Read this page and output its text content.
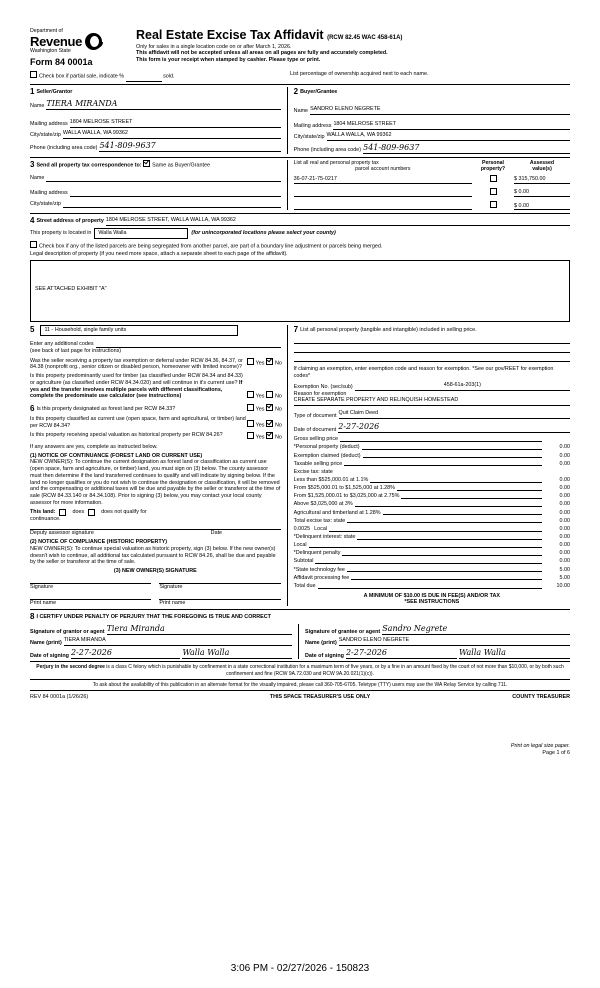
Department of
Revenue
Washington State
Form 84 0001a
Real Estate Excise Tax Affidavit (RCW 82.45 WAC 458-61A)
Only for sales in a single location code on or after March 1, 2026.
This affidavit will not be accepted unless all areas on all pages are fully and accurately completed.
This form is your receipt when stamped by cashier. Please type or print.
Check box if partial sale, indicate %	sold.	List percentage of ownership acquired next to each name.
1 Seller/Grantor
Name TIERA MIRANDA
Mailing address 1804 MELROSE STREET
City/state/zip WALLA WALLA, WA 99362
Phone (including area code) 541-809-9637
2 Buyer/Grantee
Name SANDRO ELENO NEGRETE
Mailing address 1804 MELROSE STREET
City/state/zip WALLA WALLA, WA 99362
Phone (including area code) 541-809-9637
3 Send all property tax correspondence to: Same as Buyer/Grantee
Name
Mailing address
City/state/zip
List all real and personal property tax
parcel account numbers
Personal
property?
Assessed
value(s)
36-07-21-75-0217	$ 315,750.00
$ 0.00
$ 0.00
4 Street address of property 1804 MELROSE STREET, WALLA WALLA, WA 99362
This property is located in	Walla Walla	(for unincorporated locations please select your county)
Check box if any of the listed parcels are being segregated from another parcel, are part of a boundary line adjustment or parcels being merged.
Legal description of property (if you need more space, attach a separate sheet to each page of the affidavit).
SEE ATTACHED EXHIBIT "A"
5	11 - Household, single family units
Enter any additional codes
(see back of last page for instructions)
Was the seller receiving a property tax exemption or deferral under RCW 84.36, 84.37, or 84.38 (nonprofit org., senior citizen or disabled person, homeowner with limited income)?
Yes No
Is this property predominantly used for timber (as classified under RCW 84.34 and 84.33) or agriculture (as classified under RCW 84.34.020) and will continue in it's current use? If yes and the transfer involves multiple parcels with different classifications, complete the predominate use calculator (see instructions)	Yes No
6 Is this property designated as forest land per RCW 84.33?	Yes No
Is this property classified as current use (open space, farm and agricultural, or timber) land per RCW 84.34?	Yes No
Is this property receiving special valuation as historical property per RCW 84.26?	Yes No
If any answers are yes, complete as instructed below.
(1) NOTICE OF CONTINUANCE (FOREST LAND OR CURRENT USE)
NEW OWNER(S): To continue the current designation as forest land or classification as current use (open space, farm and agriculture, or timber) land, you must sign on (3) below. The county assessor must then determine if the land transferred continues to qualify and will indicate by signing below. If the land no longer qualifies or you do not wish to continue the designation or classification, it will be removed and the compensating or additional taxes will be due and payable by the seller or transferor at the time of sale (RCW 84.33.140 or 84.34.108). Prior to signing (3) below, you may contact your local county assessor for more information.
This land:	does	does not qualify for
continuance.
Deputy assessor signature	Date
(2) NOTICE OF COMPLIANCE (HISTORIC PROPERTY)
NEW OWNER(S): To continue special valuation as historic property, sign (3) below. If the new owner(s) doesn't wish to continue, all additional tax calculated pursuant to RCW 84.26, shall be due and payable by the seller or transferor at the time of sale.
(3) NEW OWNER(S) SIGNATURE
Signature	Signature
Print name	Print name
7 List all personal property (tangible and intangible) included in selling price.
If claiming an exemption, enter exemption code and reason for exemption. *See our gov/REET for exemption codes*
Exemption No. (sec/sub)	458-61a-203(1)
Reason for exemption
CREATE SEPARATE PROPERTY AND RELINQUISH HOMESTEAD
Type of document Quit Claim Deed
Date of document 2-27-2026
Gross selling price
*Personal property (deduct)	0.00
Exemption claimed (deduct)	0.00
Taxable selling price	0.00
Excise tax: state
Less than $525,000.01 at 1.1%	0.00
From $525,000.01 to $1,525,000 at 1.28%	0.00
From $1,525,000.01 to $3,025,000 at 2.75%	0.00
Above $3,025,000 at 3%	0.00
Agricultural and timberland at 1.28%	0.00
Total excise tax: state	0.00
0.0025 Local	0.00
*Delinquent interest: state	0.00
Local	0.00
*Delinquent penalty	0.00
Subtotal	0.00
*State technology fee	5.00
Affidavit processing fee	5.00
Total due	10.00
A MINIMUM OF $10.00 IS DUE IN FEE(S) AND/OR TAX
*SEE INSTRUCTIONS
8 I CERTIFY UNDER PENALTY OF PERJURY THAT THE FOREGOING IS TRUE AND CORRECT
Signature of grantor or agent Tiera Miranda
Name (print) TIERA MIRANDA
Date of signing 2-27-2026	Walla Walla
Signature of grantee or agent Sandro Negrete
Name (print) SANDRO ELENO NEGRETE
Date of signing 2-27-2026	Walla Walla
Perjury in the second degree is a class C felony which is punishable by confinement in a state correctional institution for a maximum term of five years, or by a fine in an amount fixed by the court of not more than $10,000, or by both such confinement and fine (RCW 9A.72.030 and RCW 9A.20.021(1)(c)).
To ask about the availability of this publication in an alternate format for the visually impaired, please call 360-705-6705. Teletype (TTY) users may use the WA Relay Service by calling 711.
REV 84 0001a (1/26/26)	THIS SPACE TREASURER'S USE ONLY	COUNTY TREASURER
Print on legal size paper.
Page 1 of 6
3:06 PM - 02/27/2026 - 150823
